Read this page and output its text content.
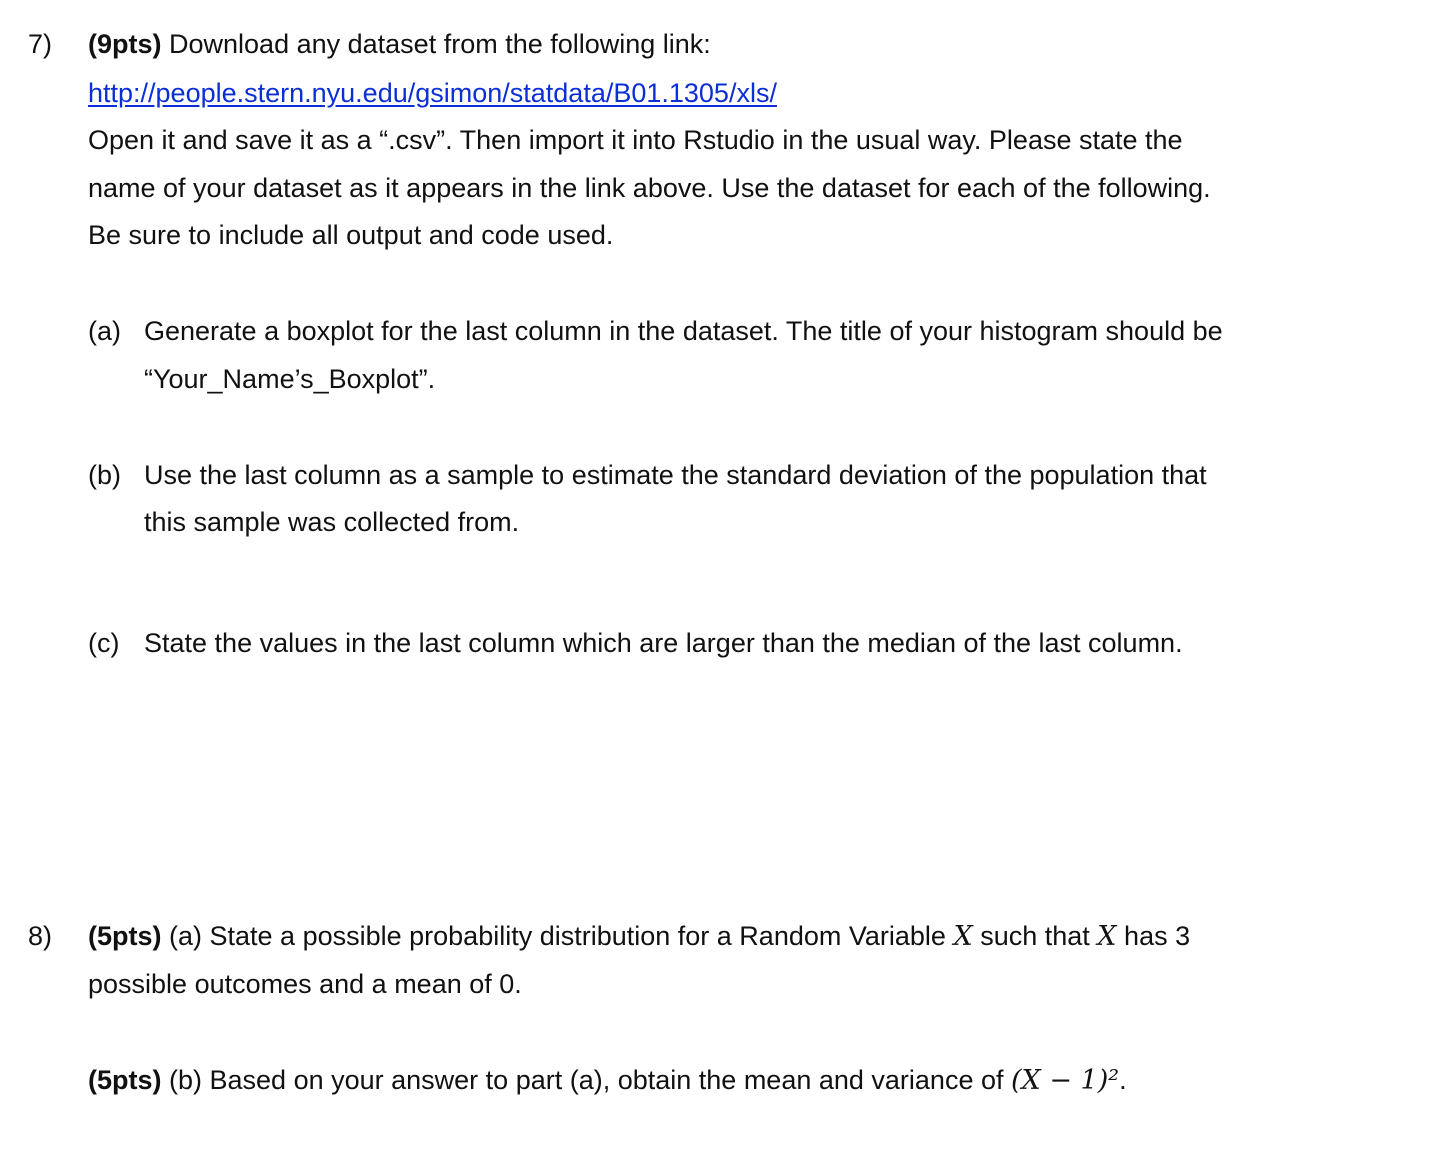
7) (9pts) Download any dataset from the following link:
http://people.stern.nyu.edu/gsimon/statdata/B01.1305/xls/
Open it and save it as a “.csv”. Then import it into Rstudio in the usual way. Please state the
name of your dataset as it appears in the link above. Use the dataset for each of the following.
Be sure to include all output and code used.
(a) Generate a boxplot for the last column in the dataset. The title of your histogram should be
“Your_Name’s_Boxplot”.
(b) Use the last column as a sample to estimate the standard deviation of the population that
this sample was collected from.
(c) State the values in the last column which are larger than the median of the last column.
8) (5pts) (a) State a possible probability distribution for a Random Variable X such that X has 3
possible outcomes and a mean of 0.
(5pts) (b) Based on your answer to part (a), obtain the mean and variance of (X − 1)².
